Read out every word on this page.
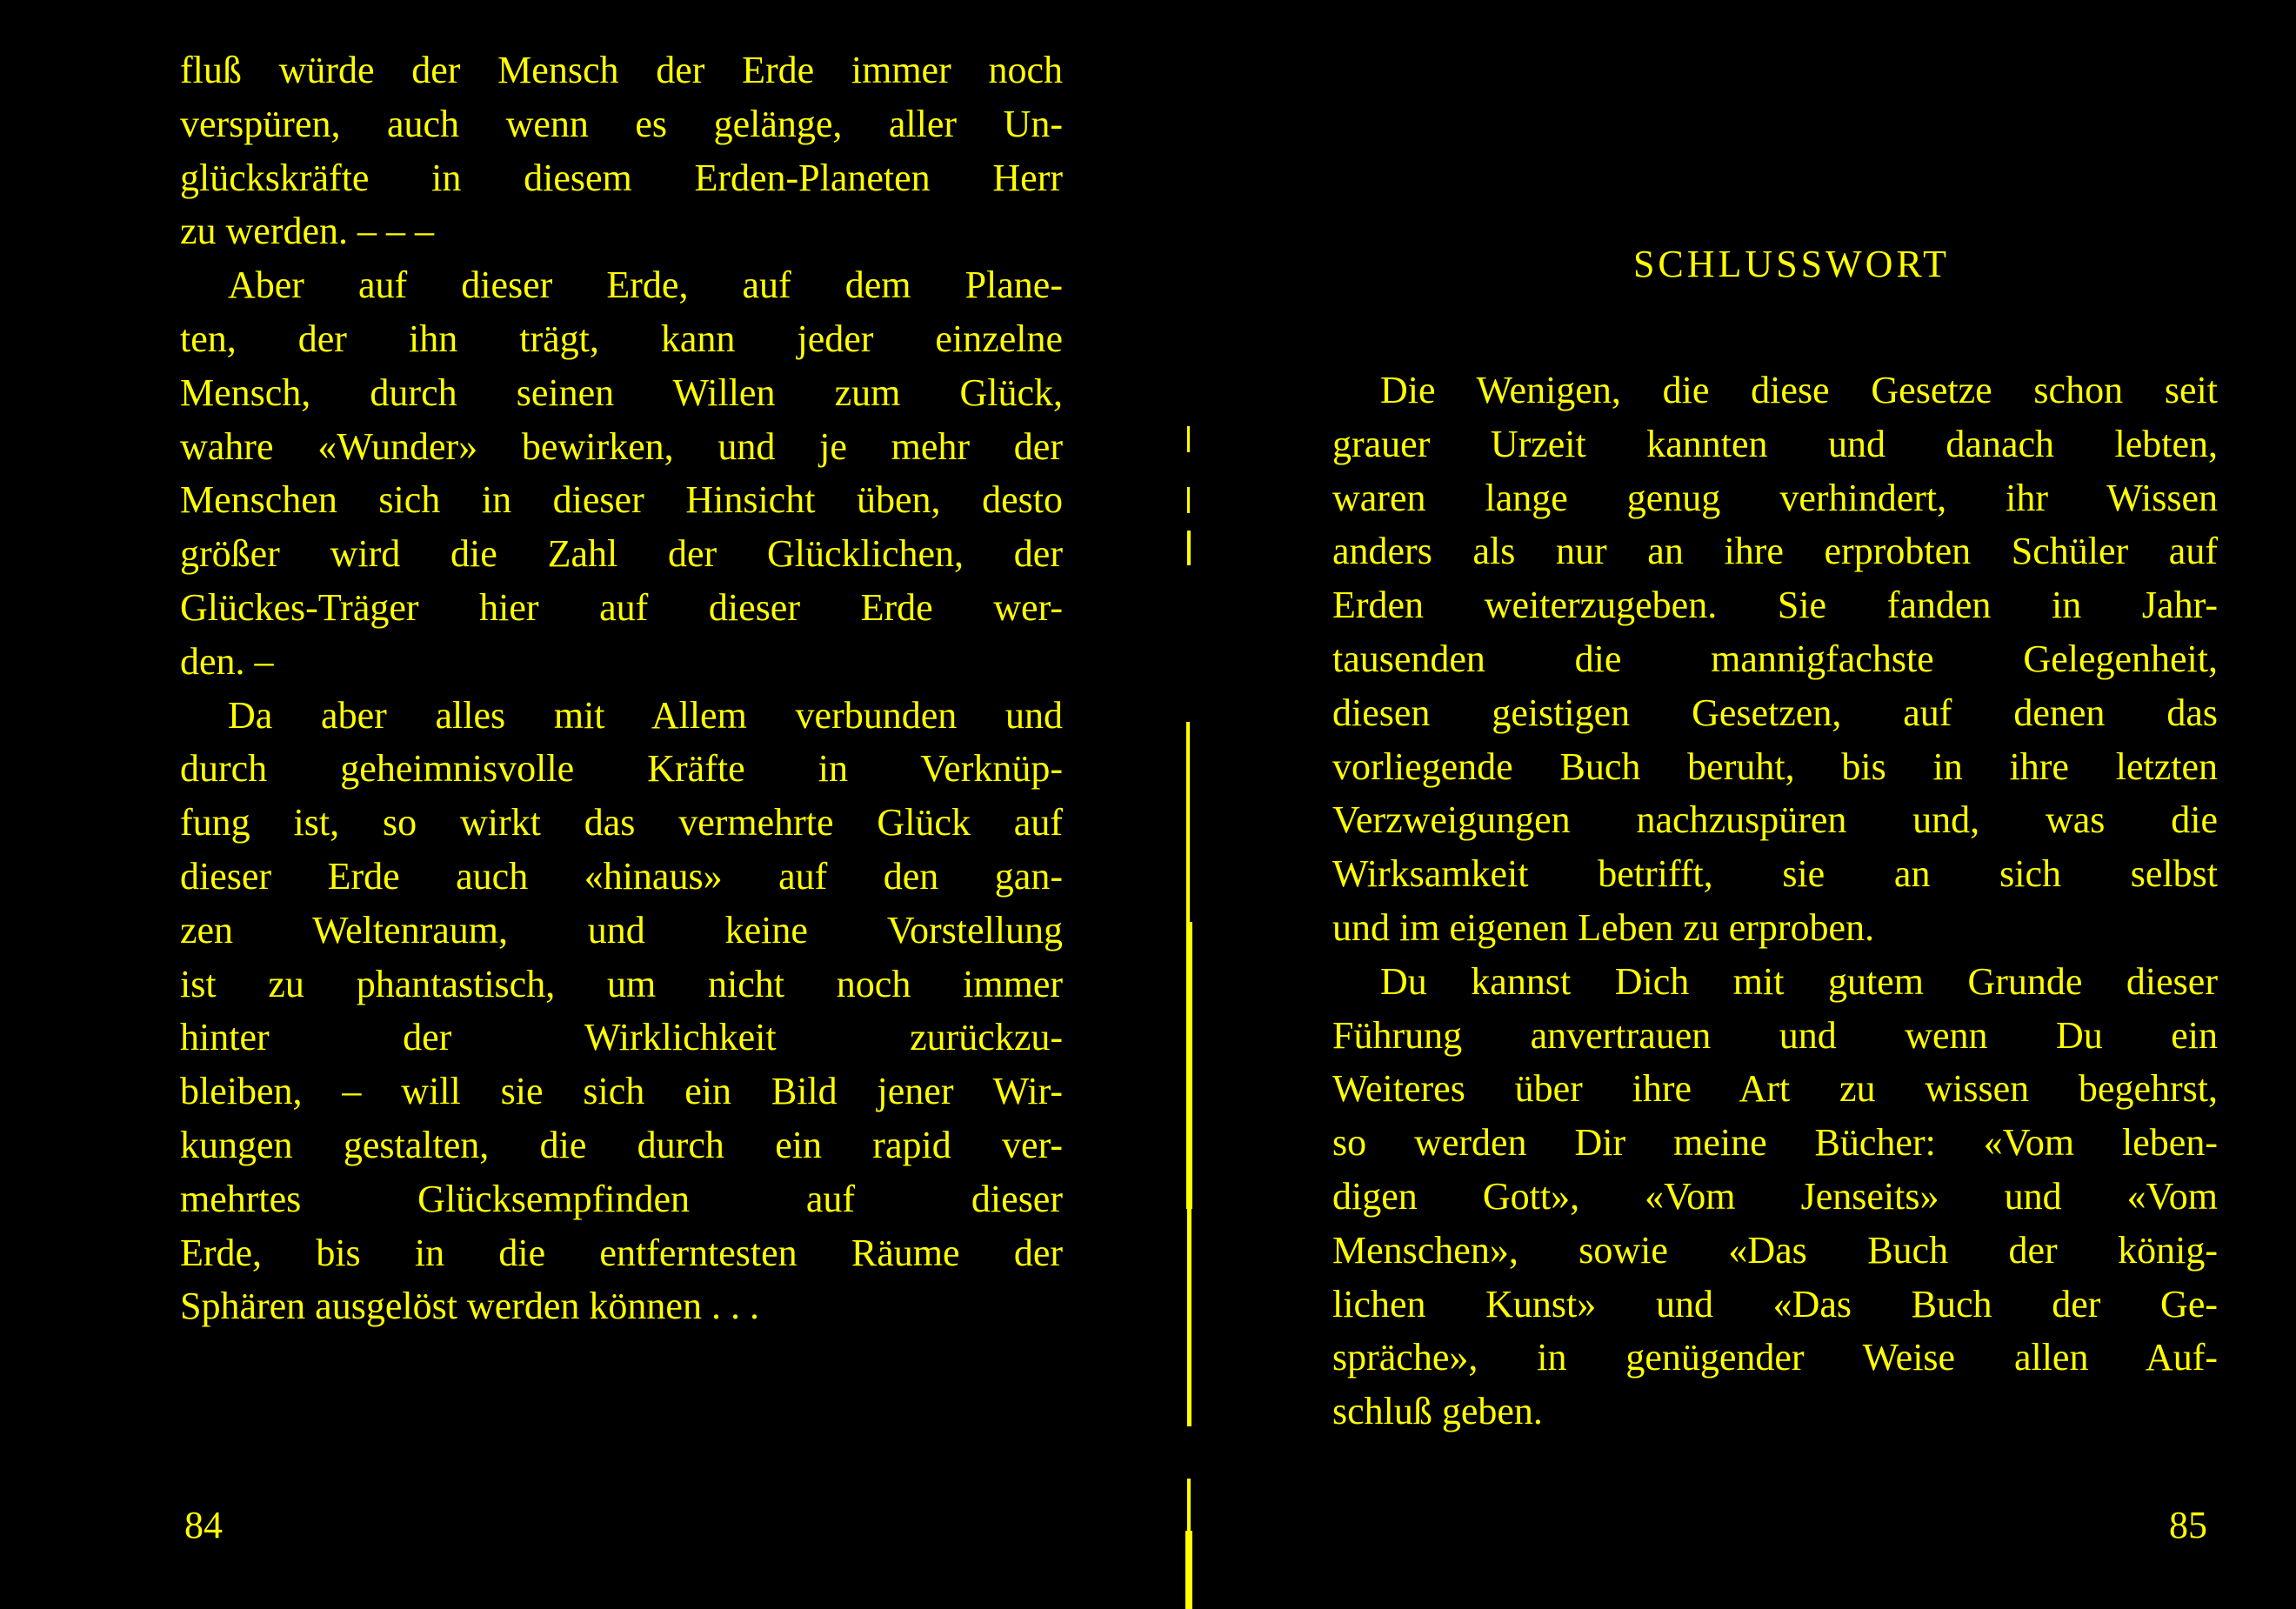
fluß würde der Mensch der Erde immer noch
verspüren, auch wenn es gelänge, aller Un-
glückskräfte in diesem Erden-Planeten Herr
zu werden. – – –
Aber auf dieser Erde, auf dem Plane-
ten, der ihn trägt, kann jeder einzelne
Mensch, durch seinen Willen zum Glück,
wahre «Wunder» bewirken, und je mehr der
Menschen sich in dieser Hinsicht üben, desto
größer wird die Zahl der Glücklichen, der
Glückes-Träger hier auf dieser Erde wer-
den. –
Da aber alles mit Allem verbunden und
durch geheimnisvolle Kräfte in Verknüp-
fung ist, so wirkt das vermehrte Glück auf
dieser Erde auch «hinaus» auf den gan-
zen Weltenraum, und keine Vorstellung
ist zu phantastisch, um nicht noch immer
hinter der Wirklichkeit zurückzu-
bleiben, – will sie sich ein Bild jener Wir-
kungen gestalten, die durch ein rapid ver-
mehrtes Glücksempfinden auf dieser
Erde, bis in die entferntesten Räume der
Sphären ausgelöst werden können . . .
84
SCHLUSSWORT
Die Wenigen, die diese Gesetze schon seit
grauer Urzeit kannten und danach lebten,
waren lange genug verhindert, ihr Wissen
anders als nur an ihre erprobten Schüler auf
Erden weiterzugeben. Sie fanden in Jahr-
tausenden die mannigfachste Gelegenheit,
diesen geistigen Gesetzen, auf denen das
vorliegende Buch beruht, bis in ihre letzten
Verzweigungen nachzuspüren und, was die
Wirksamkeit betrifft, sie an sich selbst
und im eigenen Leben zu erproben.
Du kannst Dich mit gutem Grunde dieser
Führung anvertrauen und wenn Du ein
Weiteres über ihre Art zu wissen begehrst,
so werden Dir meine Bücher: «Vom leben-
digen Gott», «Vom Jenseits» und «Vom
Menschen», sowie «Das Buch der könig-
lichen Kunst» und «Das Buch der Ge-
spräche», in genügender Weise allen Auf-
schluß geben.
85
